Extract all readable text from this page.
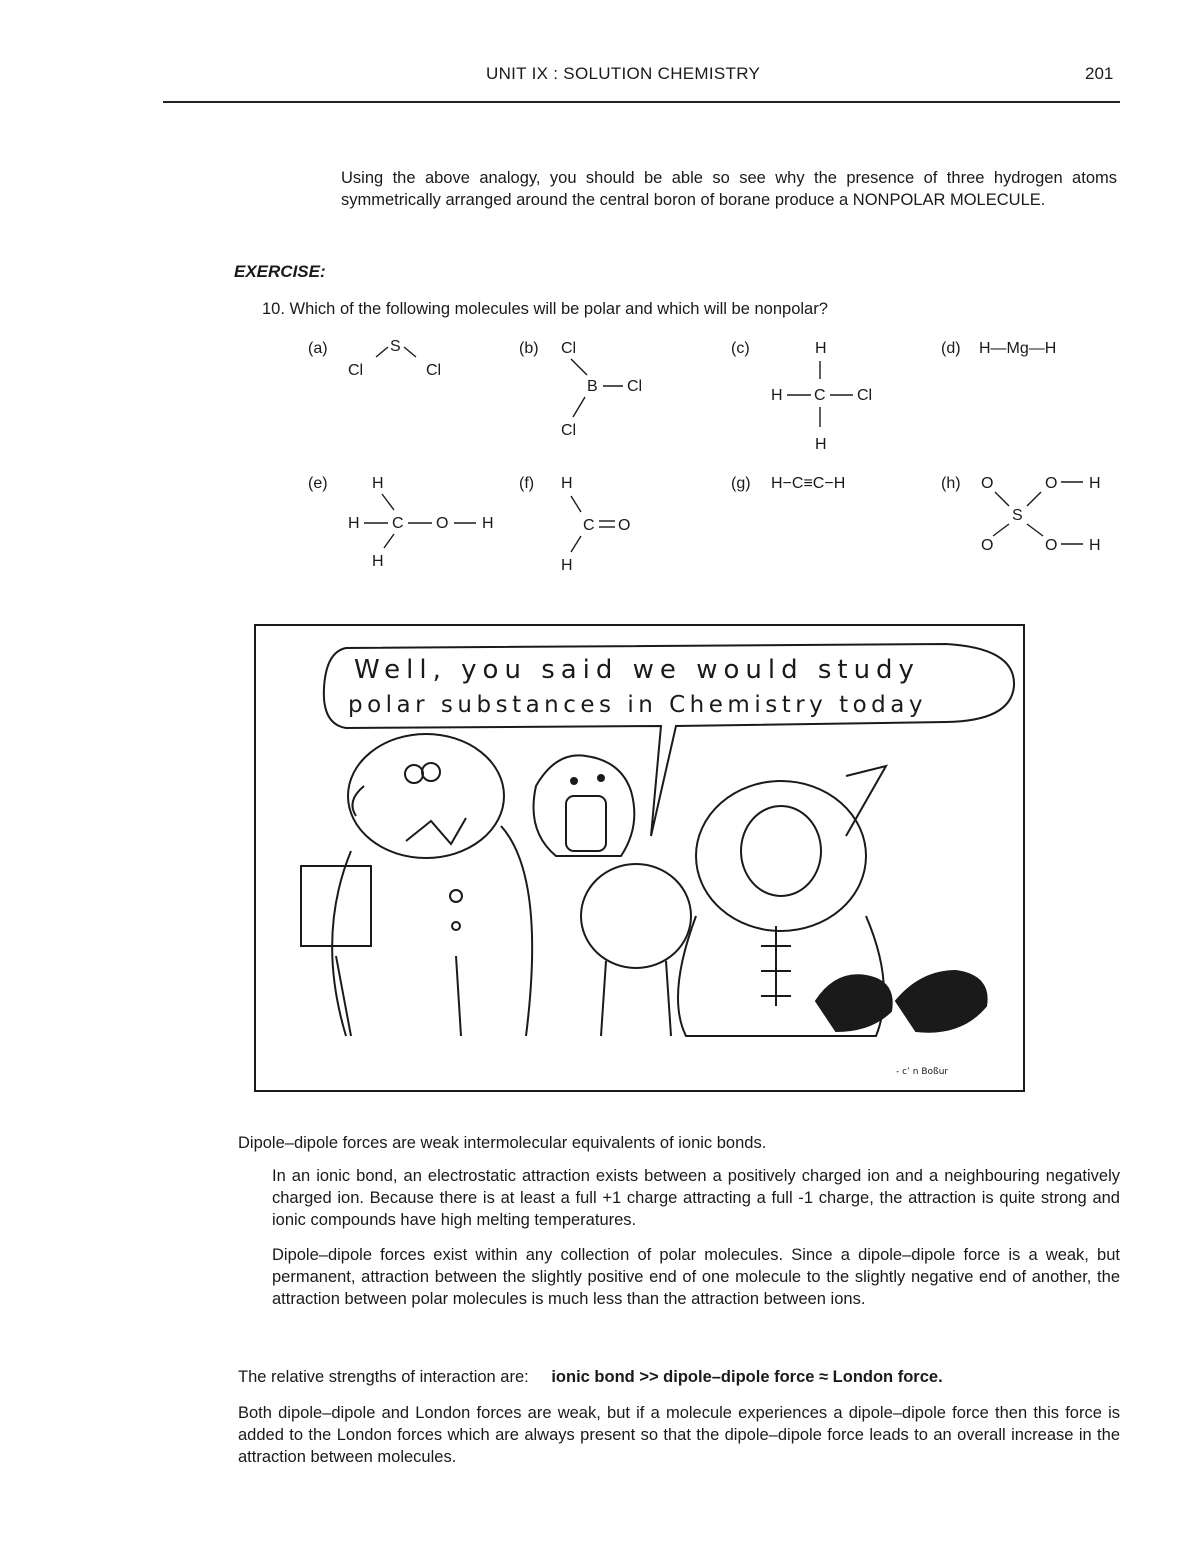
UNIT IX : SOLUTION CHEMISTRY	201

Using the above analogy, you should be able so see why the presence of three hydrogen atoms symmetrically arranged around the central boron of borane produce a NONPOLAR MOLECULE.

EXERCISE:
10. Which of the following molecules will be polar and which will be nonpolar?
(a)	S
Cl	Cl
(b) Cl
B Cl
Cl
(c)	H
H C Cl
H
(d) H—Mg—H
(e)	H
H C O H
H
(f) H
C O
H
(g) H−C≡C−H	(h) O	O H
S
O	O H
Well, you said we would study
polar substances in Chemistry today
- c’ n Boßur
Dipole–dipole forces are weak intermolecular equivalents of ionic bonds.

In an ionic bond, an electrostatic attraction exists between a positively charged ion and a neighbouring negatively charged ion. Because there is at least a full +1 charge attracting a full -1 charge, the attraction is quite strong and ionic compounds have high melting temperatures.

Dipole–dipole forces exist within any collection of polar molecules. Since a dipole–dipole force is a weak, but permanent, attraction between the slightly positive end of one molecule to the slightly negative end of another, the attraction between polar molecules is much less than the attraction between ions.

The relative strengths of interaction are: ionic bond >> dipole–dipole force ≈ London force.

Both dipole–dipole and London forces are weak, but if a molecule experiences a dipole–dipole force then this force is added to the London forces which are always present so that the dipole–dipole force leads to an overall increase in the attraction between molecules.
